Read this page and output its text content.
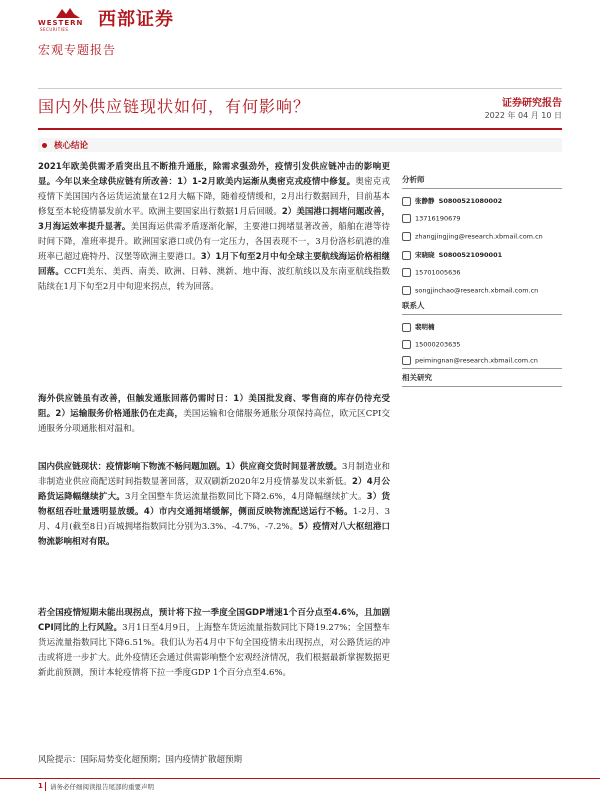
WESTERN
SECURITIES 西部证券
宏观专题报告
国内外供应链现状如何，有何影响？	证券研究报告
2022 年 04 月 10 日
核心结论
2021年欧美供需矛盾突出且不断推升通胀，除需求强劲外，疫情引发供应链冲击的影响更显。今年以来全球供应链有所改善：1）1-2月欧美内运渐从奥密克戎疫情中修复。奥密克戎疫情下美国国内各运货运流量在12月大幅下降，随着疫情缓和，2月出行数据回升，目前基本修复至本轮疫情暴发前水平。欧洲主要国家出行数据1月后回暖。2）美国港口拥堵问题改善，3月海运效率提升显著。美国海运供需矛盾逐渐化解，主要港口拥堵显著改善，船舶在港等待时间下降，准班率提升。欧洲国家港口或仍有一定压力，各国表现不一，3月份洛杉矶港的准班率已超过鹿特丹、汉堡等欧洲主要港口。3）1月下旬至2月中旬全球主要航线海运价格相继回落。CCFI美东、美西、南美、欧洲、日韩、澳新、地中海、波红航线以及东南亚航线指数陆续在1月下旬至2月中旬迎来拐点，转为回落。
海外供应链虽有改善，但触发通胀回落仍需时日：1）美国批发商、零售商的库存仍待充受阻。2）运输服务价格通胀仍在走高，美国运输和仓储服务通胀分项保持高位，欧元区CPI交通服务分项通胀相对温和。
国内供应链现状：疫情影响下物流不畅问题加剧。1）供应商交货时间显著放缓。3月制造业和非制造业供应商配送时间指数显著回落，双双刷新2020年2月疫情暴发以来新低。2）4月公路货运降幅继续扩大。3月全国整车货运流量指数同比下降2.6%，4月降幅继续扩大。3）货物枢纽吞吐量透明显放缓。4）市内交通拥堵缓解，侧面反映物流配送运行不畅。1-2月、3月、4月(截至8日)百城拥堵指数同比分别为3.3%、-4.7%、-7.2%。5）疫情对八大枢纽港口物流影响相对有限。
若全国疫情短期未能出现拐点，预计将下拉一季度全国GDP增速1个百分点至4.6%，且加剧CPI同比的上行风险。3月1日至4月9日，上海整车货运流量指数同比下降19.27%；全国整车货运流量指数同比下降6.51%。我们认为若4月中下旬全国疫情未出现拐点，对公路货运的冲击或将进一步扩大。此外疫情还会通过供需影响整个宏观经济情况，我们根据最新掌握数据更新此前预测，预计本轮疫情将下拉一季度GDP 1个百分点至4.6%。
风险提示：国际局势变化超预期；国内疫情扩散超预期
分析师
张静静 S0800521080002
13716190679
zhangjingjing@research.xbmail.com.cn
宋晓晓 S0800521090001
15701005636
songjinchao@research.xbmail.com.cn
联系人
裴明楠
15000203635
peimingnan@research.xbmail.com.cn
相关研究
1 请务必仔细阅读报告尾部的重要声明
